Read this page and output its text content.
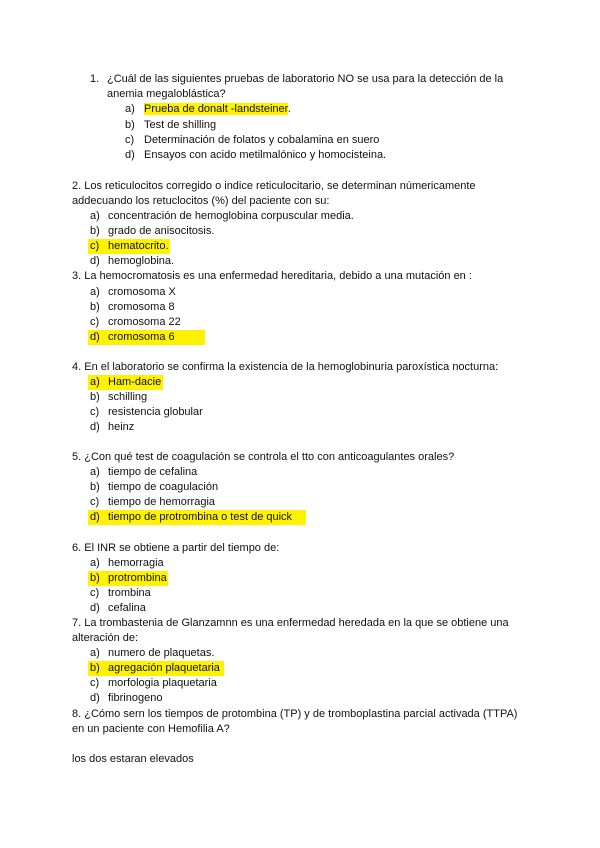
1. ¿Cuál de las siguientes pruebas de laboratorio NO se usa para la detección de la
anemia megaloblástica?
a) Prueba de donalt -landsteiner.
b) Test de shilling
c) Determinación de folatos y cobalamina en suero
d) Ensayos con acido metilmalónico y homocisteina.
2. Los reticulocitos corregido o indice reticulocitario, se determinan númericamente
addecuando los retuclocitos (%) del paciente con su:
a) concentración de hemoglobina corpuscular media.
b) grado de anisocitosis.
c) hematocrito.
d) hemoglobina.
3. La hemocromatosis es una enfermedad hereditaria, debido a una mutación en :
a) cromosoma X
b) cromosoma 8
c) cromosoma 22
d) cromosoma 6
4. En el laboratorio se confirma la existencia de la hemoglobinuria paroxística nocturna:
a) Ham-dacie
b) schilling
c) resistencia globular
d) heinz
5. ¿Con qué test de coagulación se controla el tto con anticoagulantes orales?
a) tiempo de cefalina
b) tiempo de coagulación
c) tiempo de hemorragia
d) tiempo de protrombina o test de quick
6. El INR se obtiene a partir del tiempo de:
a) hemorragia
b) protrombina
c) trombina
d) cefalina
7. La trombastenia de Glanzamnn es una enfermedad heredada en la que se obtiene una
alteración de:
a) numero de plaquetas.
b) agregación plaquetaria
c) morfologia plaquetaria
d) fibrinogeno
8. ¿Cómo sern los tiempos de protombina (TP) y de tromboplastina parcial activada (TTPA)
en un paciente con Hemofilia A?
los dos estaran elevados
